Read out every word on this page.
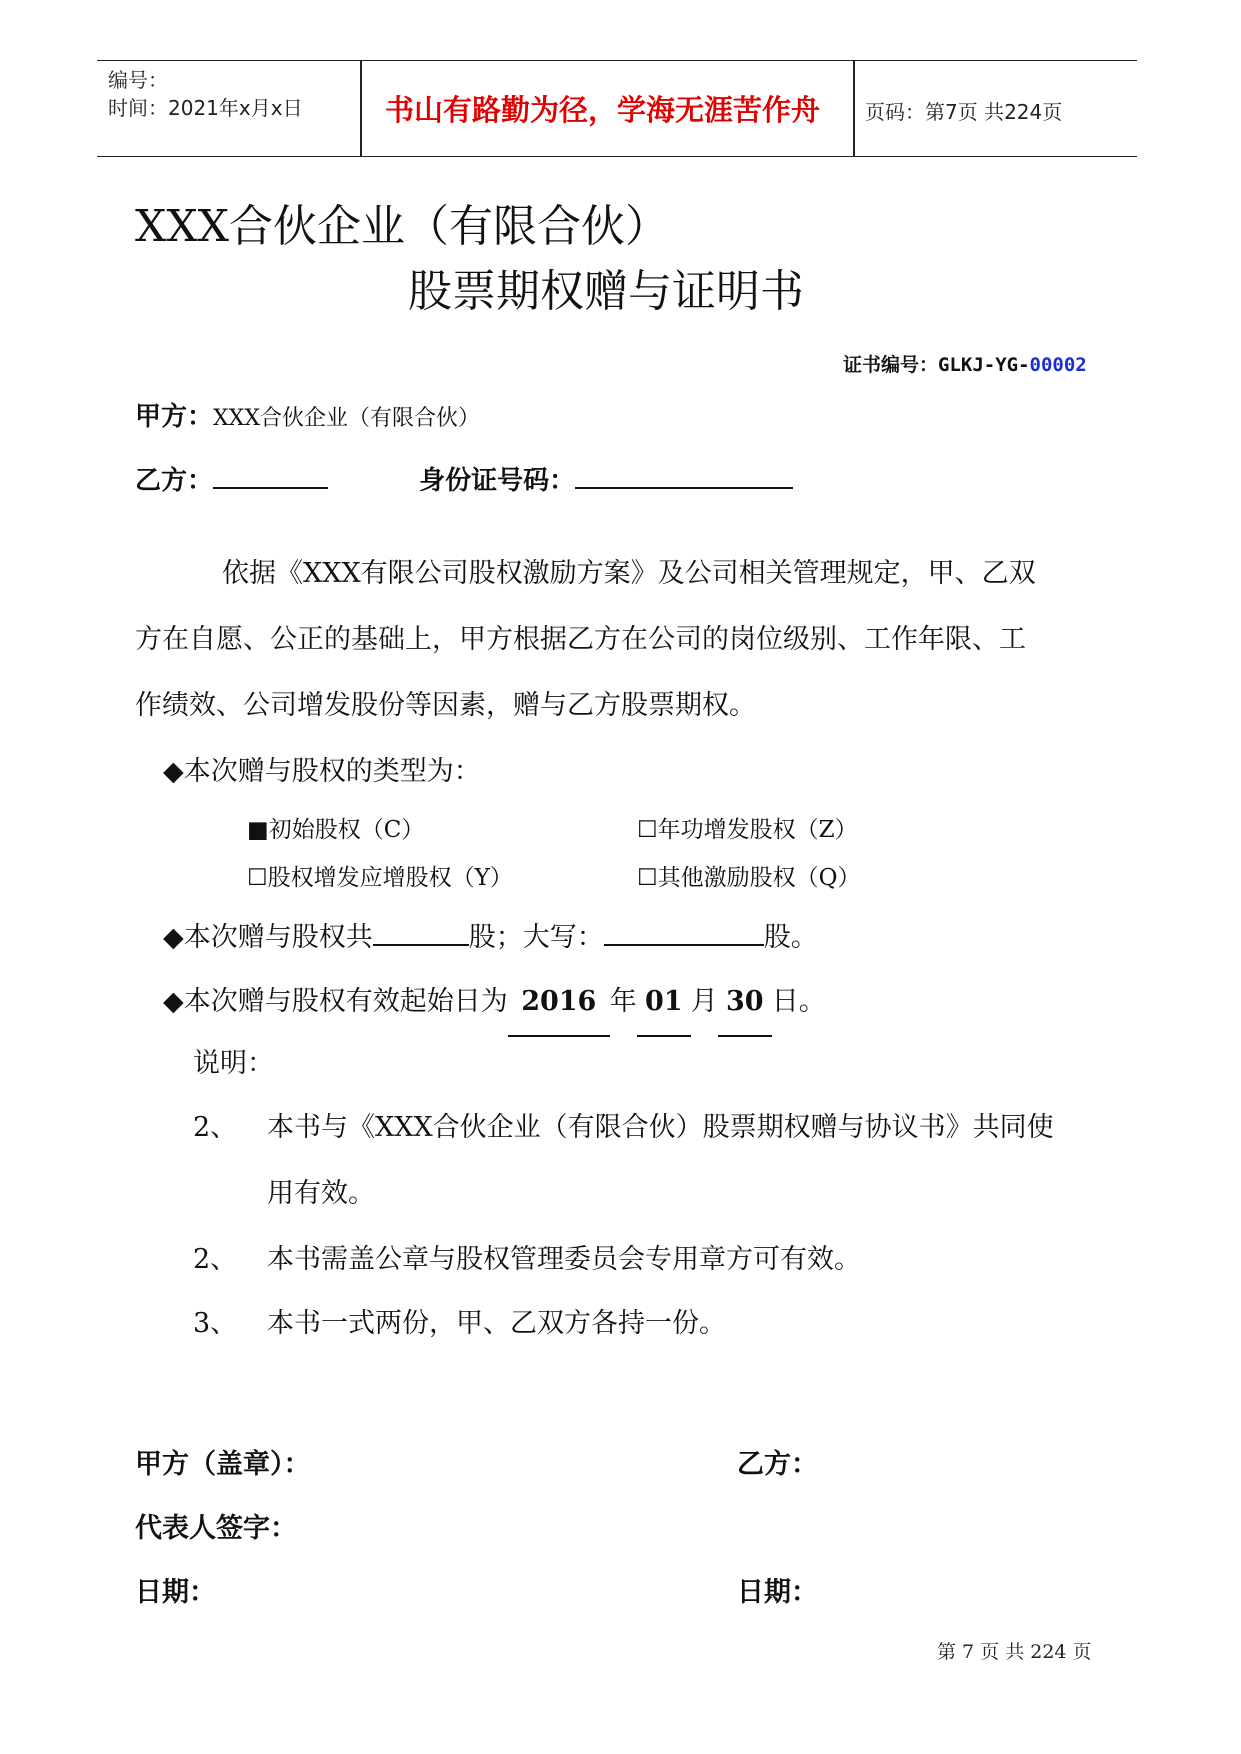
编号：
时间：2021年x月x日	书山有路勤为径，学海无涯苦作舟 页码：第7页 共224页
XXX合伙企业（有限合伙）
股票期权赠与证明书
证书编号：GLKJ-YG-00002
甲方：XXX合伙企业（有限合伙）
乙方：	身份证号码：
依据《XXX有限公司股权激励方案》及公司相关管理规定，甲、乙双
方在自愿、公正的基础上，甲方根据乙方在公司的岗位级别、工作年限、工
作绩效、公司增发股份等因素，赠与乙方股票期权。
◆本次赠与股权的类型为：
■初始股权（C）	☐年功增发股权（Z）
☐股权增发应增股权（Y）	☐其他激励股权（Q）
◆本次赠与股权共	股；大写：	股。
◆本次赠与股权有效起始日为 2016 年 01 月 30 日。
说明：
2、 本书与《XXX合伙企业（有限合伙）股票期权赠与协议书》共同使
用有效。
2、 本书需盖公章与股权管理委员会专用章方可有效。
3、 本书一式两份，甲、乙双方各持一份。
甲方（盖章）：	乙方：
代表人签字：
日期：	日期：
第 7 页 共 224 页
